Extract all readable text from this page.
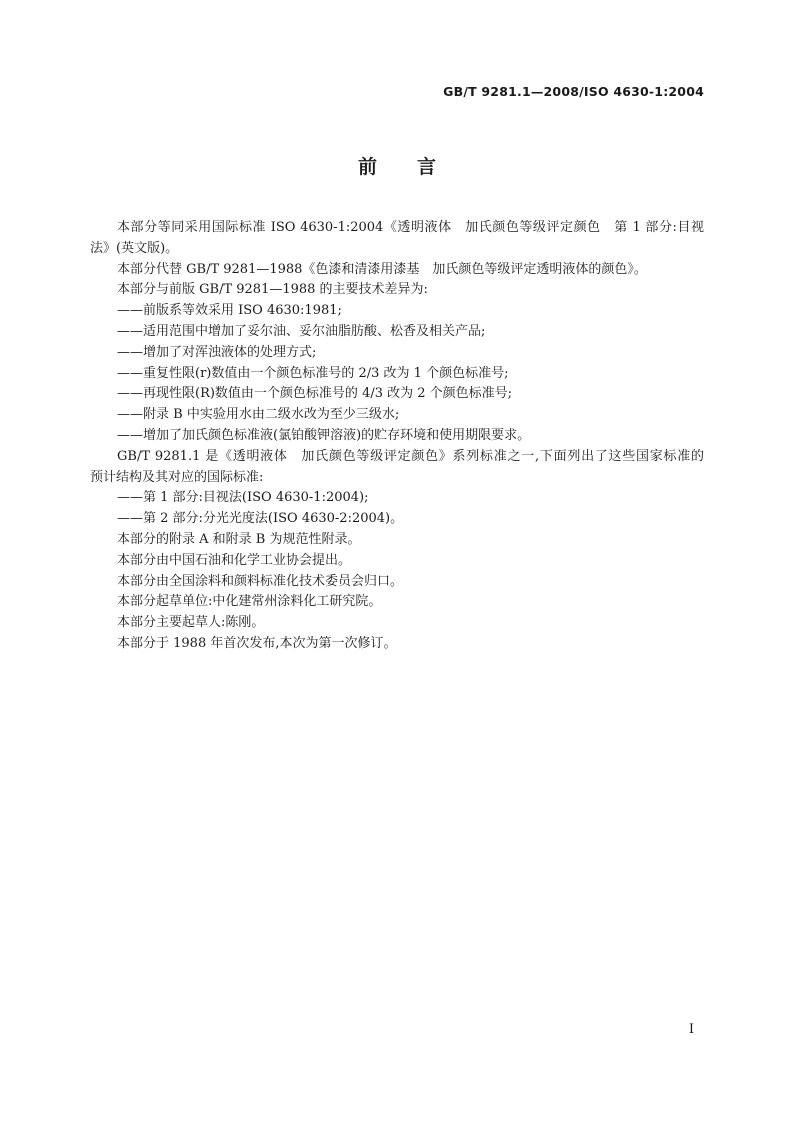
GB/T 9281.1—2008/ISO 4630-1:2004
前言
本部分等同采用国际标准 ISO 4630-1:2004《透明液体　加氏颜色等级评定颜色　第 1 部分:目视
法》(英文版)。
本部分代替 GB/T 9281—1988《色漆和清漆用漆基　加氏颜色等级评定透明液体的颜色》。
本部分与前版 GB/T 9281—1988 的主要技术差异为:
——前版系等效采用 ISO 4630:1981;
——适用范围中增加了妥尔油、妥尔油脂肪酸、松香及相关产品;
——增加了对浑浊液体的处理方式;
——重复性限(r)数值由一个颜色标准号的 2/3 改为 1 个颜色标准号;
——再现性限(R)数值由一个颜色标准号的 4/3 改为 2 个颜色标准号;
——附录 B 中实验用水由二级水改为至少三级水;
——增加了加氏颜色标准液(氯铂酸钾溶液)的贮存环境和使用期限要求。
GB/T 9281.1 是《透明液体　加氏颜色等级评定颜色》系列标准之一,下面列出了这些国家标准的
预计结构及其对应的国际标准:
——第 1 部分:目视法(ISO 4630-1:2004);
——第 2 部分:分光光度法(ISO 4630-2:2004)。
本部分的附录 A 和附录 B 为规范性附录。
本部分由中国石油和化学工业协会提出。
本部分由全国涂料和颜料标准化技术委员会归口。
本部分起草单位:中化建常州涂料化工研究院。
本部分主要起草人:陈刚。
本部分于 1988 年首次发布,本次为第一次修订。
I
